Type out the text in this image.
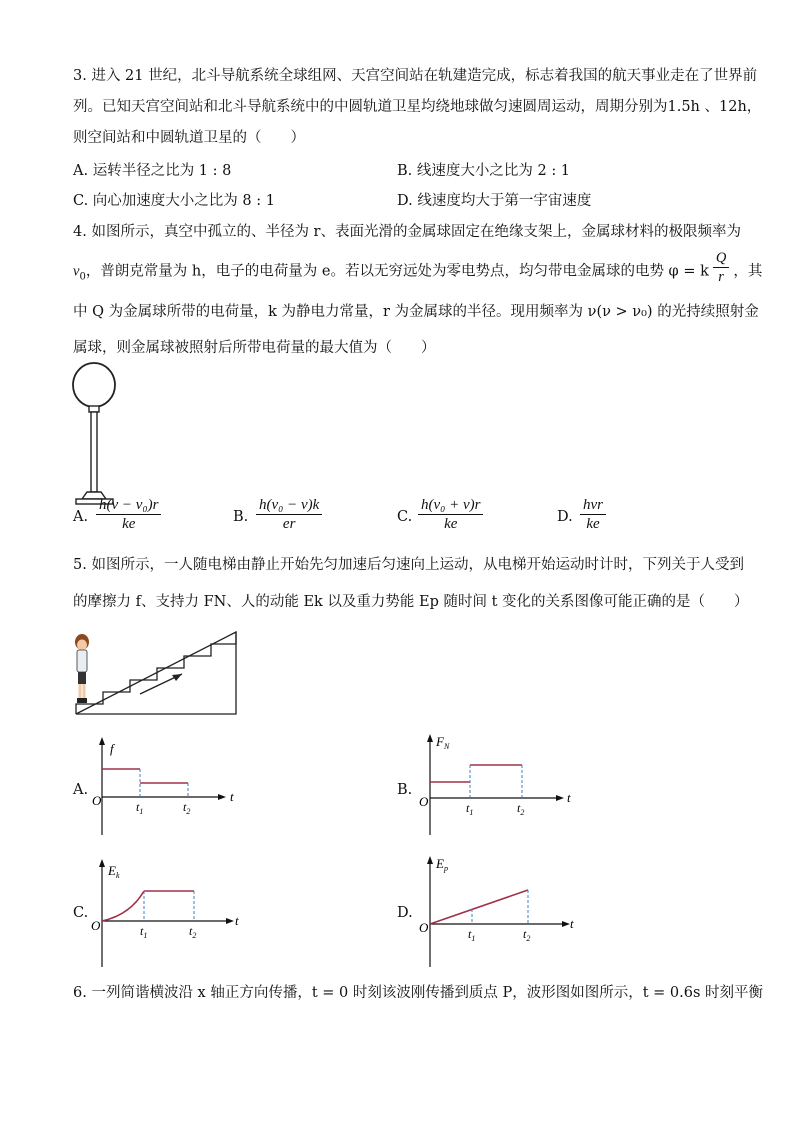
3. 进入 21 世纪，北斗导航系统全球组网、天宫空间站在轨建造完成，标志着我国的航天事业走在了世界前
列。已知天宫空间站和北斗导航系统中的中圆轨道卫星均绕地球做匀速圆周运动，周期分别为1.5h 、12h，
则空间站和中圆轨道卫星的（　　）
A. 运转半径之比为 1 : 8	B. 线速度大小之比为 2 : 1
C. 向心加速度大小之比为 8 : 1	D. 线速度均大于第一宇宙速度
4. 如图所示，真空中孤立的、半径为 r、表面光滑的金属球固定在绝缘支架上，金属球材料的极限频率为
$\nu_0$，普朗克常量为 h，电子的电荷量为 e。若以无穷远处为零电势点，均匀带电金属球的电势 φ = k $\frac{Q}{r}$ ，其
中 Q 为金属球所带的电荷量，k 为静电力常量，r 为金属球的半径。现用频率为 ν(ν > ν₀) 的光持续照射金
属球，则金属球被照射后所带电荷量的最大值为（　　）
A. $\frac{\text{h(ν − ν₀)r}}{ke}$	B. $\frac{\text{h(ν₀ − ν)k}}{er}$	C. $\frac{\text{h(ν₀ + ν)r}}{ke}$	D.
hνr
ke
5. 如图所示，一人随电梯由静止开始先匀加速后匀速向上运动，从电梯开始运动时计时，下列关于人受到
的摩擦力 f、支持力 FN、人的动能 Ek 以及重力势能 Ep 随时间 t 变化的关系图像可能正确的是（　　）
A.
f
t
O	$t_1$	$t_2$
B.
$F_N$
t
O	$t_1$	$t_2$
C.
$E_k$
t
O	$t_1$	$t_2$
D.
$E_p$
t
O	$t_1$	$t_2$
6. 一列简谐横波沿 x 轴正方向传播，t = 0 时刻该波刚传播到质点 P，波形图如图所示，t = 0.6s 时刻平衡
